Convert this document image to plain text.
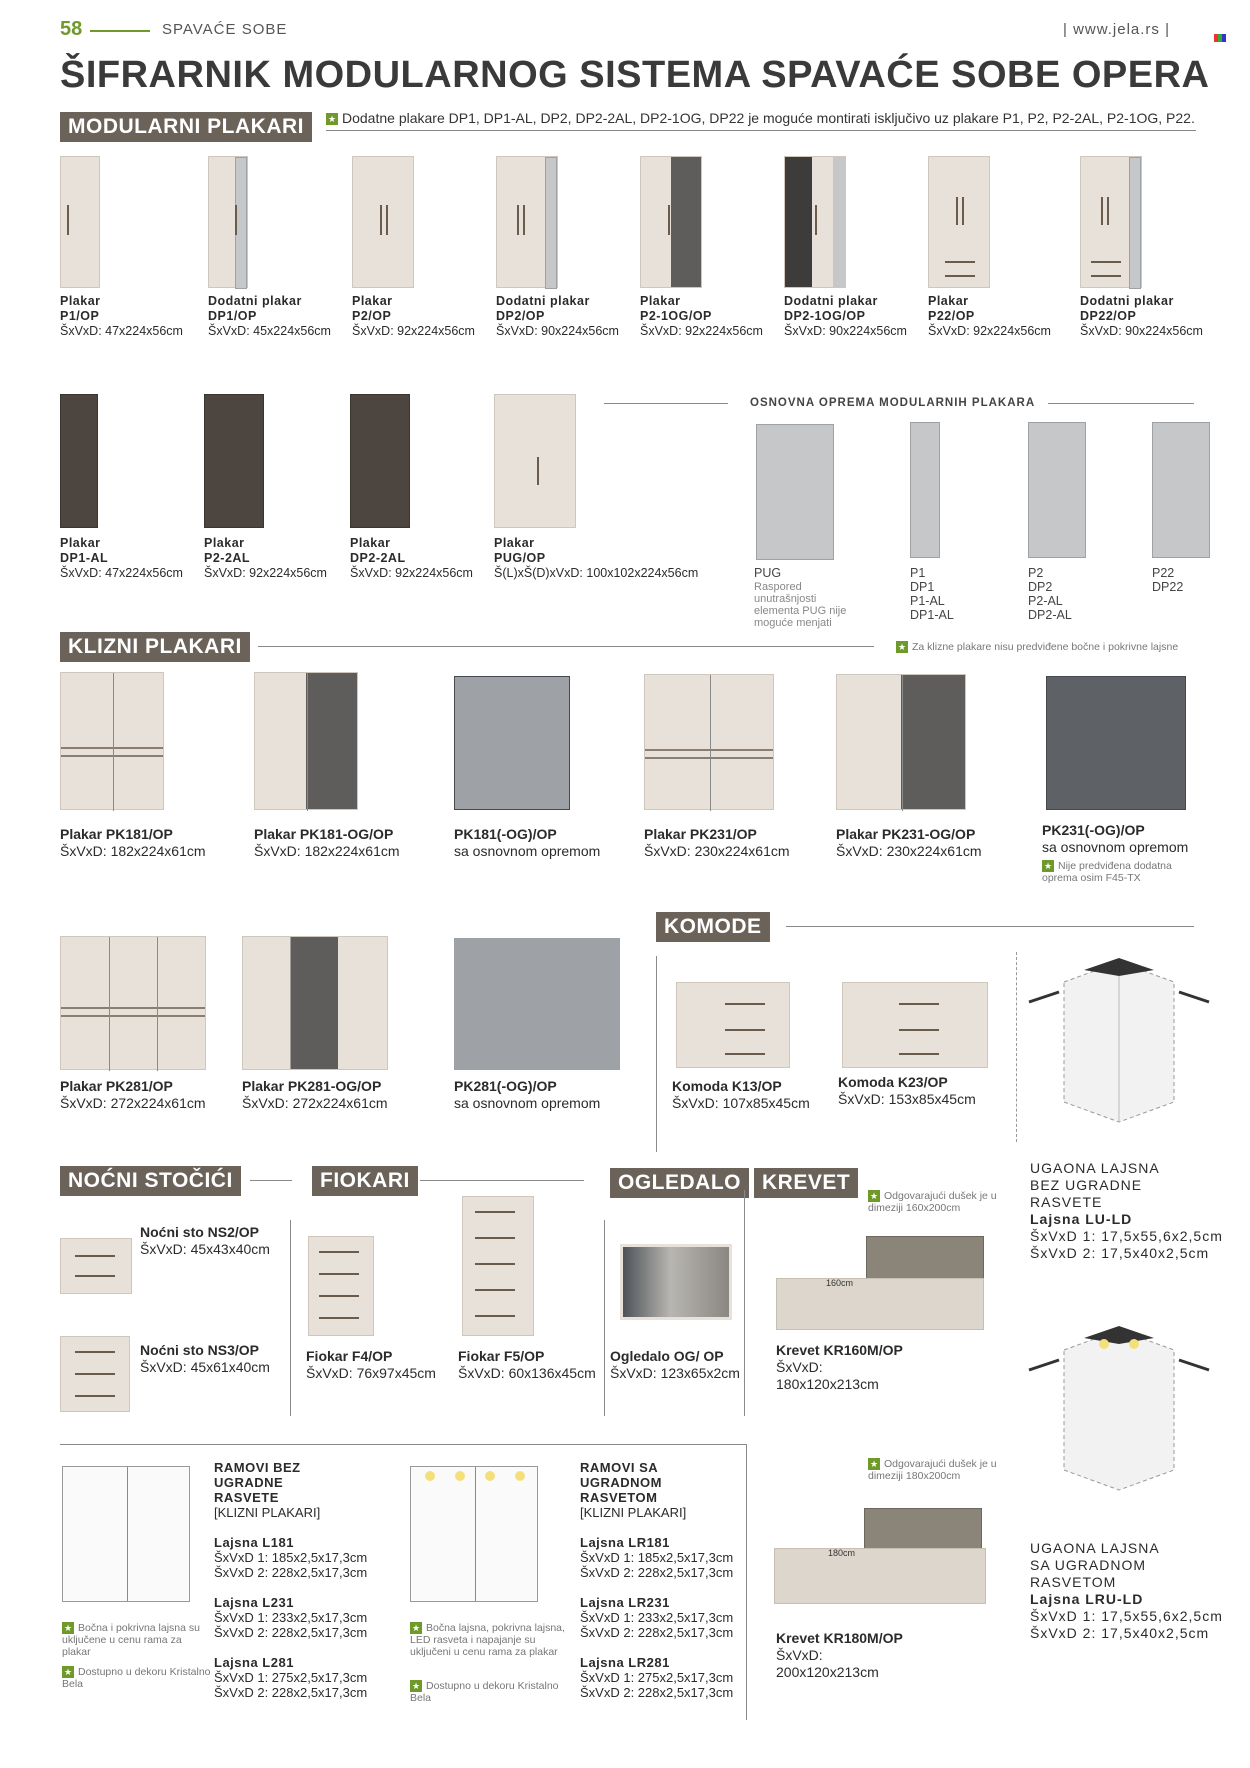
58	SPAVAĆE SOBE	| www.jela.rs |
ŠIFRARNIK MODULARNOG SISTEMA SPAVAĆE SOBE OPERA
MODULARNI PLAKARI	★ Dodatne plakare DP1, DP1-AL, DP2, DP2-2AL, DP2-1OG, DP22 je moguće montirati isključivo uz plakare P1, P2, P2-2AL, P2-1OG, P22.
Plakar
P1/OP
ŠxVxD: 47x224x56cm
Dodatni plakar
DP1/OP
ŠxVxD: 45x224x56cm
Plakar
P2/OP
ŠxVxD: 92x224x56cm
Dodatni plakar
DP2/OP
ŠxVxD: 90x224x56cm
Plakar
P2-1OG/OP
ŠxVxD: 92x224x56cm
Dodatni plakar
DP2-1OG/OP
ŠxVxD: 90x224x56cm
Plakar
P22/OP
ŠxVxD: 92x224x56cm
Dodatni plakar
DP22/OP
ŠxVxD: 90x224x56cm
Plakar
DP1-AL
ŠxVxD: 47x224x56cm
Plakar
P2-2AL
ŠxVxD: 92x224x56cm
Plakar
DP2-2AL
ŠxVxD: 92x224x56cm
Plakar
PUG/OP
Š(L)xŠ(D)xVxD: 100x102x224x56cm
OSNOVNA OPREMA MODULARNIH PLAKARA
PUG
Raspored unutrašnjosti elementa PUG nije moguće menjati
P1
DP1
P1-AL
DP1-AL
P2
DP2
P2-AL
DP2-AL
P22
DP22
KLIZNI PLAKARI	★ Za klizne plakare nisu predviđene bočne i pokrivne lajsne
Plakar PK181/OP
ŠxVxD: 182x224x61cm
Plakar PK181-OG/OP
ŠxVxD: 182x224x61cm
PK181(-OG)/OP
sa osnovnom opremom
Plakar PK231/OP
ŠxVxD: 230x224x61cm
Plakar PK231-OG/OP
ŠxVxD: 230x224x61cm
PK231(-OG)/OP
sa osnovnom opremom
★ Nije predviđena dodatna oprema osim F45-TX
Plakar PK281/OP
ŠxVxD: 272x224x61cm
Plakar PK281-OG/OP
ŠxVxD: 272x224x61cm
PK281(-OG)/OP
sa osnovnom opremom
KOMODE
Komoda K13/OP
ŠxVxD: 107x85x45cm
Komoda K23/OP
ŠxVxD: 153x85x45cm
UGAONA LAJSNA
BEZ UGRADNE
RASVETE
Lajsna LU-LD
ŠxVxD 1: 17,5x55,6x2,5cm
ŠxVxD 2: 17,5x40x2,5cm
UGAONA LAJSNA
SA UGRADNOM
RASVETOM
Lajsna LRU-LD
ŠxVxD 1: 17,5x55,6x2,5cm
ŠxVxD 2: 17,5x40x2,5cm
NOĆNI STOČIĆI
Noćni sto NS2/OP
ŠxVxD: 45x43x40cm
Noćni sto NS3/OP
ŠxVxD: 45x61x40cm
FIOKARI
Fiokar F4/OP
ŠxVxD: 76x97x45cm
Fiokar F5/OP
ŠxVxD: 60x136x45cm
OGLEDALO
Ogledalo OG/ OP
ŠxVxD: 123x65x2cm
KREVET
★ Odgovarajući dušek je u dimeziji 160x200cm
160cm
Krevet KR160M/OP
ŠxVxD:
180x120x213cm
★ Odgovarajući dušek je u dimeziji 180x200cm
180cm
Krevet KR180M/OP
ŠxVxD:
200x120x213cm
★ Bočna i pokrivna lajsna su uključene u cenu rama za plakar
★ Dostupno u dekoru Kristalno Bela
RAMOVI BEZ
UGRADNE
RASVETE
[KLIZNI PLAKARI]

Lajsna L181
ŠxVxD 1: 185x2,5x17,3cm
ŠxVxD 2: 228x2,5x17,3cm

Lajsna L231
ŠxVxD 1: 233x2,5x17,3cm
ŠxVxD 2: 228x2,5x17,3cm

Lajsna L281
ŠxVxD 1: 275x2,5x17,3cm
ŠxVxD 2: 228x2,5x17,3cm
★ Bočna lajsna, pokrivna lajsna, LED rasveta i napajanje su uključeni u cenu rama za plakar
★ Dostupno u dekoru Kristalno Bela
RAMOVI SA
UGRADNOM
RASVETOM
[KLIZNI PLAKARI]

Lajsna LR181
ŠxVxD 1: 185x2,5x17,3cm
ŠxVxD 2: 228x2,5x17,3cm

Lajsna LR231
ŠxVxD 1: 233x2,5x17,3cm
ŠxVxD 2: 228x2,5x17,3cm

Lajsna LR281
ŠxVxD 1: 275x2,5x17,3cm
ŠxVxD 2: 228x2,5x17,3cm
